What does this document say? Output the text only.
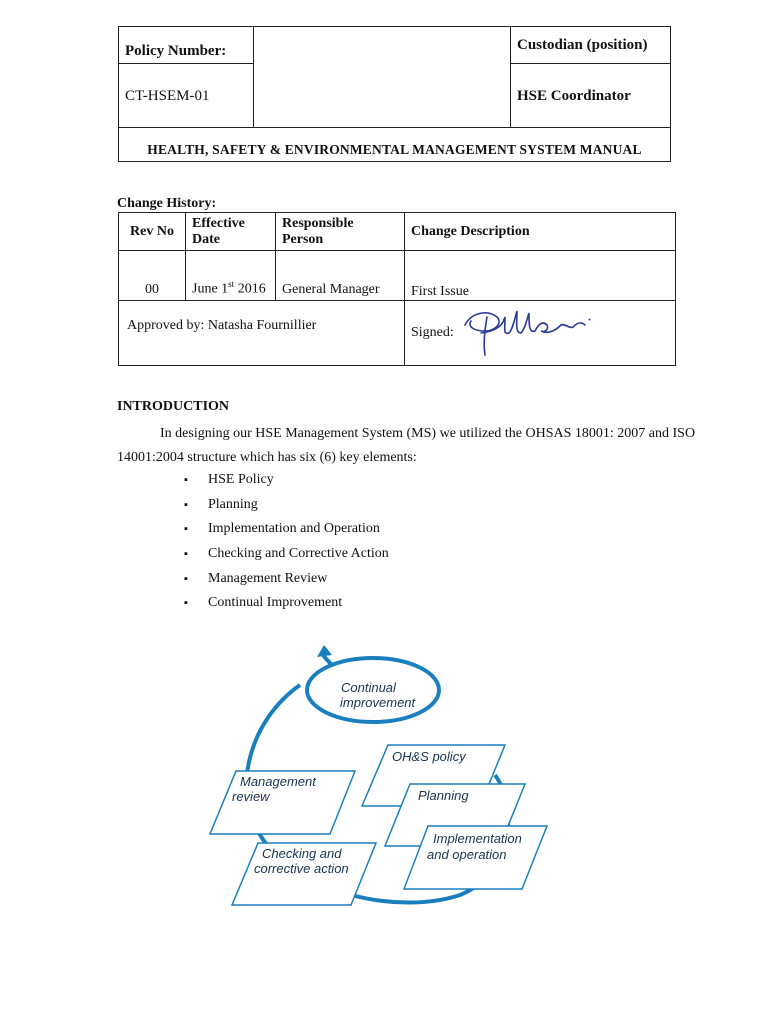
Policy Number:		Custodian (position)
CT-HSEM-01		HSE Coordinator
HEALTH, SAFETY & ENVIRONMENTAL MANAGEMENT SYSTEM MANUAL		
Change History:
Rev No	Effective Date	Responsible Person	Change Description
00	June 1st 2016	General Manager	First Issue
Approved by: Natasha Fournillier			Signed:
INTRODUCTION
In designing our HSE Management System (MS) we utilized the OHSAS 18001: 2007 and ISO
14001:2004 structure which has six (6) key elements:
▪ HSE Policy
▪ Planning
▪ Implementation and Operation
▪ Checking and Corrective Action
▪ Management Review
▪ Continual Improvement
Continual
improvement
OH&S policy
Planning
Implementation
and operation
Management
review
Checking and
corrective action
